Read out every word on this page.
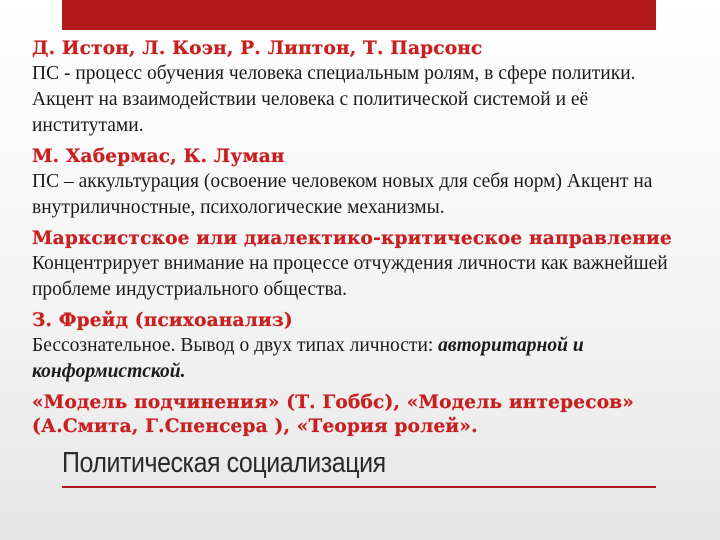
Д. Истон, Л. Коэн, Р. Липтон, Т. Парсонс
ПС - процесс обучения человека специальным ролям, в сфере политики. Акцент на взаимодействии человека с политической системой и её институтами.
М. Хабермас, К. Луман
ПС – аккультурация (освоение человеком новых для себя норм) Акцент на внутриличностные, психологические механизмы.
Марксистское или диалектико-критическое направление
Концентрирует внимание на процессе отчуждения личности как важнейшей проблеме индустриального общества.
З. Фрейд (психоанализ)
Бессознательное. Вывод о двух типах личности: авторитарной и конформистской.
«Модель подчинения» (Т. Гоббс), «Модель интересов» (А.Смита, Г.Спенсера ), «Теория ролей».
Политическая социализация
